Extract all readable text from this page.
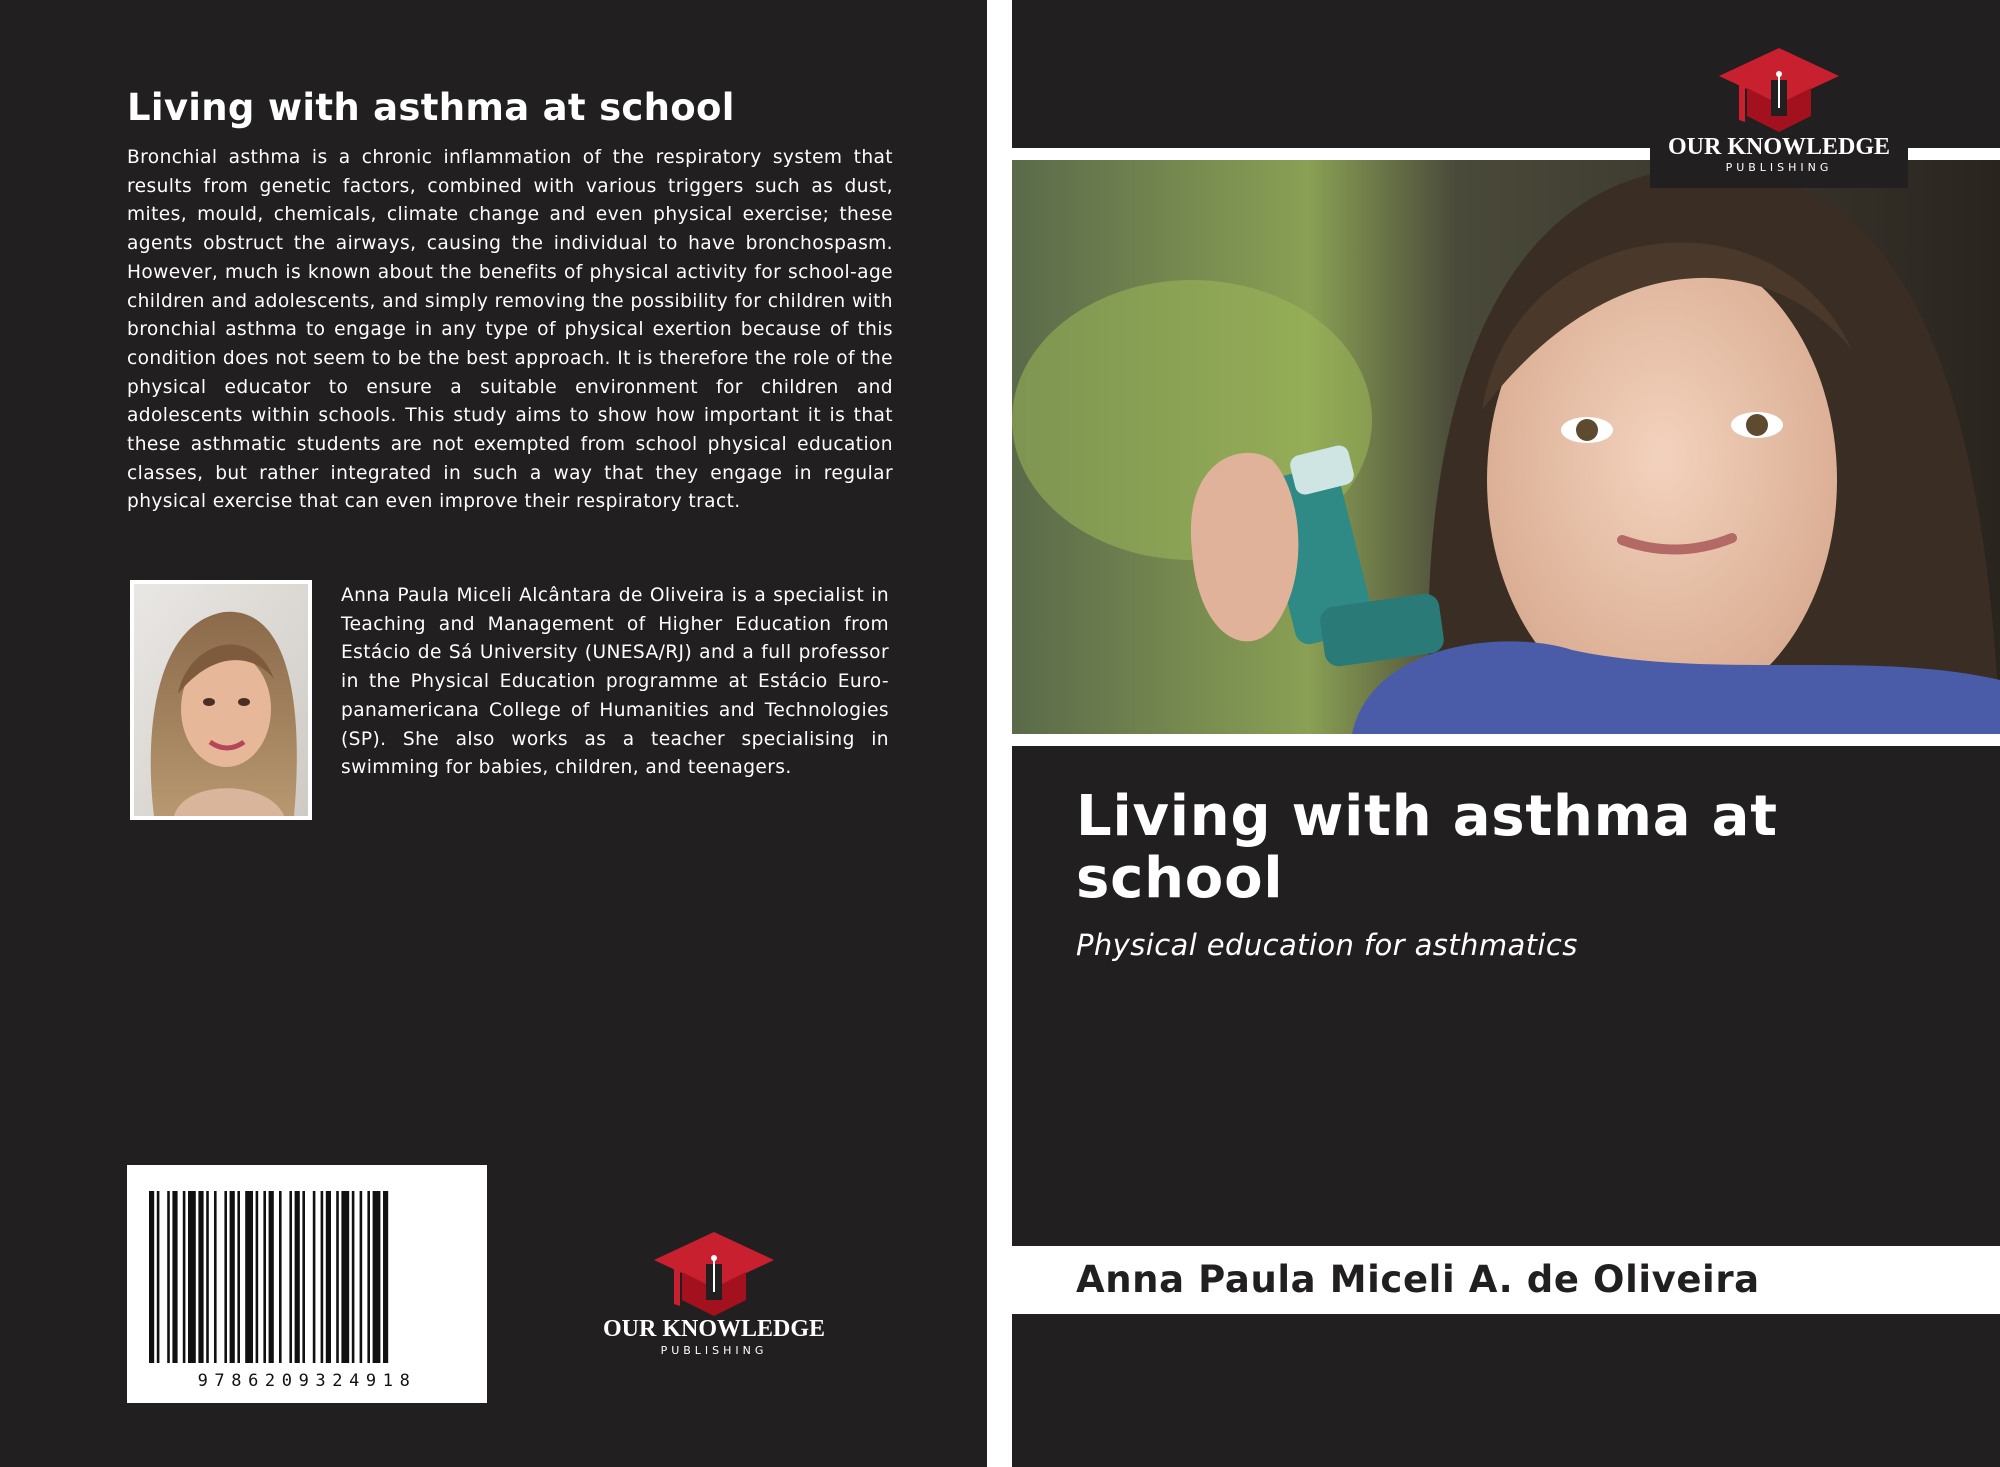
Living with asthma at school
Bronchial asthma is a chronic inflammation of the respiratory system that results from genetic factors, combined with various triggers such as dust, mites, mould, chemicals, climate change and even physical exercise; these agents obstruct the airways, causing the individual to have bronchospasm. However, much is known about the benefits of physical activity for school-age children and adolescents, and simply removing the possibility for children with bronchial asthma to engage in any type of physical exertion because of this condition does not seem to be the best approach. It is therefore the role of the physical educator to ensure a suitable environment for children and adolescents within schools. This study aims to show how important it is that these asthmatic students are not exempted from school physical education classes, but rather integrated in such a way that they engage in regular physical exercise that can even improve their respiratory tract.
Anna Paula Miceli Alcântara de Oliveira is a specialist in Teaching and Management of Higher Education from Estácio de Sá University (UNESA/RJ) and a full professor in the Physical Education programme at Estácio Euro-panamericana College of Humanities and Technologies (SP). She also works as a teacher specialising in swimming for babies, children, and teenagers.
9786209324918
OUR KNOWLEDGE
PUBLISHING
Living with asthma at school
Physical education for asthmatics
Anna Paula Miceli A. de Oliveira
OUR KNOWLEDGE
PUBLISHING
